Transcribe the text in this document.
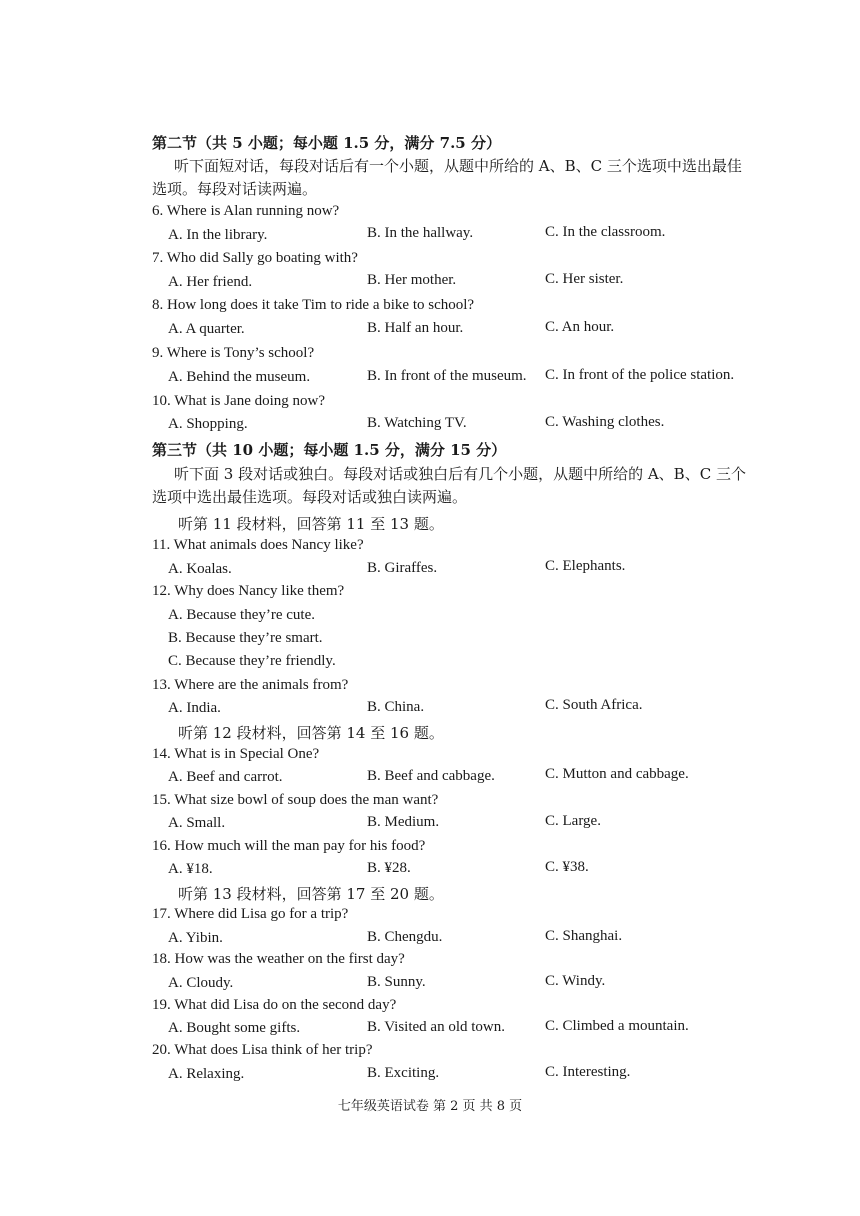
第二节（共 5 小题；每小题 1.5 分，满分 7.5 分）

听下面短对话，每段对话后有一个小题，从题中所给的 A、B、C 三个选项中选出最佳选项。每段对话读两遍。

6. Where is Alan running now?
A. In the library.	B. In the hallway.	C. In the classroom.
7. Who did Sally go boating with?
A. Her friend.	B. Her mother.	C. Her sister.
8. How long does it take Tim to ride a bike to school?
A. A quarter.	B. Half an hour.	C. An hour.
9. Where is Tony’s school?
A. Behind the museum.	B. In front of the museum. C. In front of the police station.
10. What is Jane doing now?
A. Shopping.	B. Watching TV.	C. Washing clothes.
第三节（共 10 小题；每小题 1.5 分，满分 15 分）

听下面 3 段对话或独白。每段对话或独白后有几个小题，从题中所给的 A、B、C 三个选项中选出最佳选项。每段对话或独白读两遍。

听第 11 段材料，回答第 11 至 13 题。
11. What animals does Nancy like?
A. Koalas.	B. Giraffes.	C. Elephants.
12. Why does Nancy like them?
A. Because they’re cute.
B. Because they’re smart.
C. Because they’re friendly.
13. Where are the animals from?
A. India.	B. China.	C. South Africa.
听第 12 段材料，回答第 14 至 16 题。
14. What is in Special One?
A. Beef and carrot.	B. Beef and cabbage.	C. Mutton and cabbage.
15. What size bowl of soup does the man want?
A. Small.	B. Medium.	C. Large.
16. How much will the man pay for his food?
A. ¥18.	B. ¥28.	C. ¥38.
听第 13 段材料，回答第 17 至 20 题。
17. Where did Lisa go for a trip?
A. Yibin.	B. Chengdu.	C. Shanghai.
18. How was the weather on the first day?
A. Cloudy.	B. Sunny.	C. Windy.
19. What did Lisa do on the second day?
A. Bought some gifts.	B. Visited an old town.	C. Climbed a mountain.
20. What does Lisa think of her trip?
A. Relaxing.	B. Exciting.	C. Interesting.
七年级英语试卷 第 2 页 共 8 页
